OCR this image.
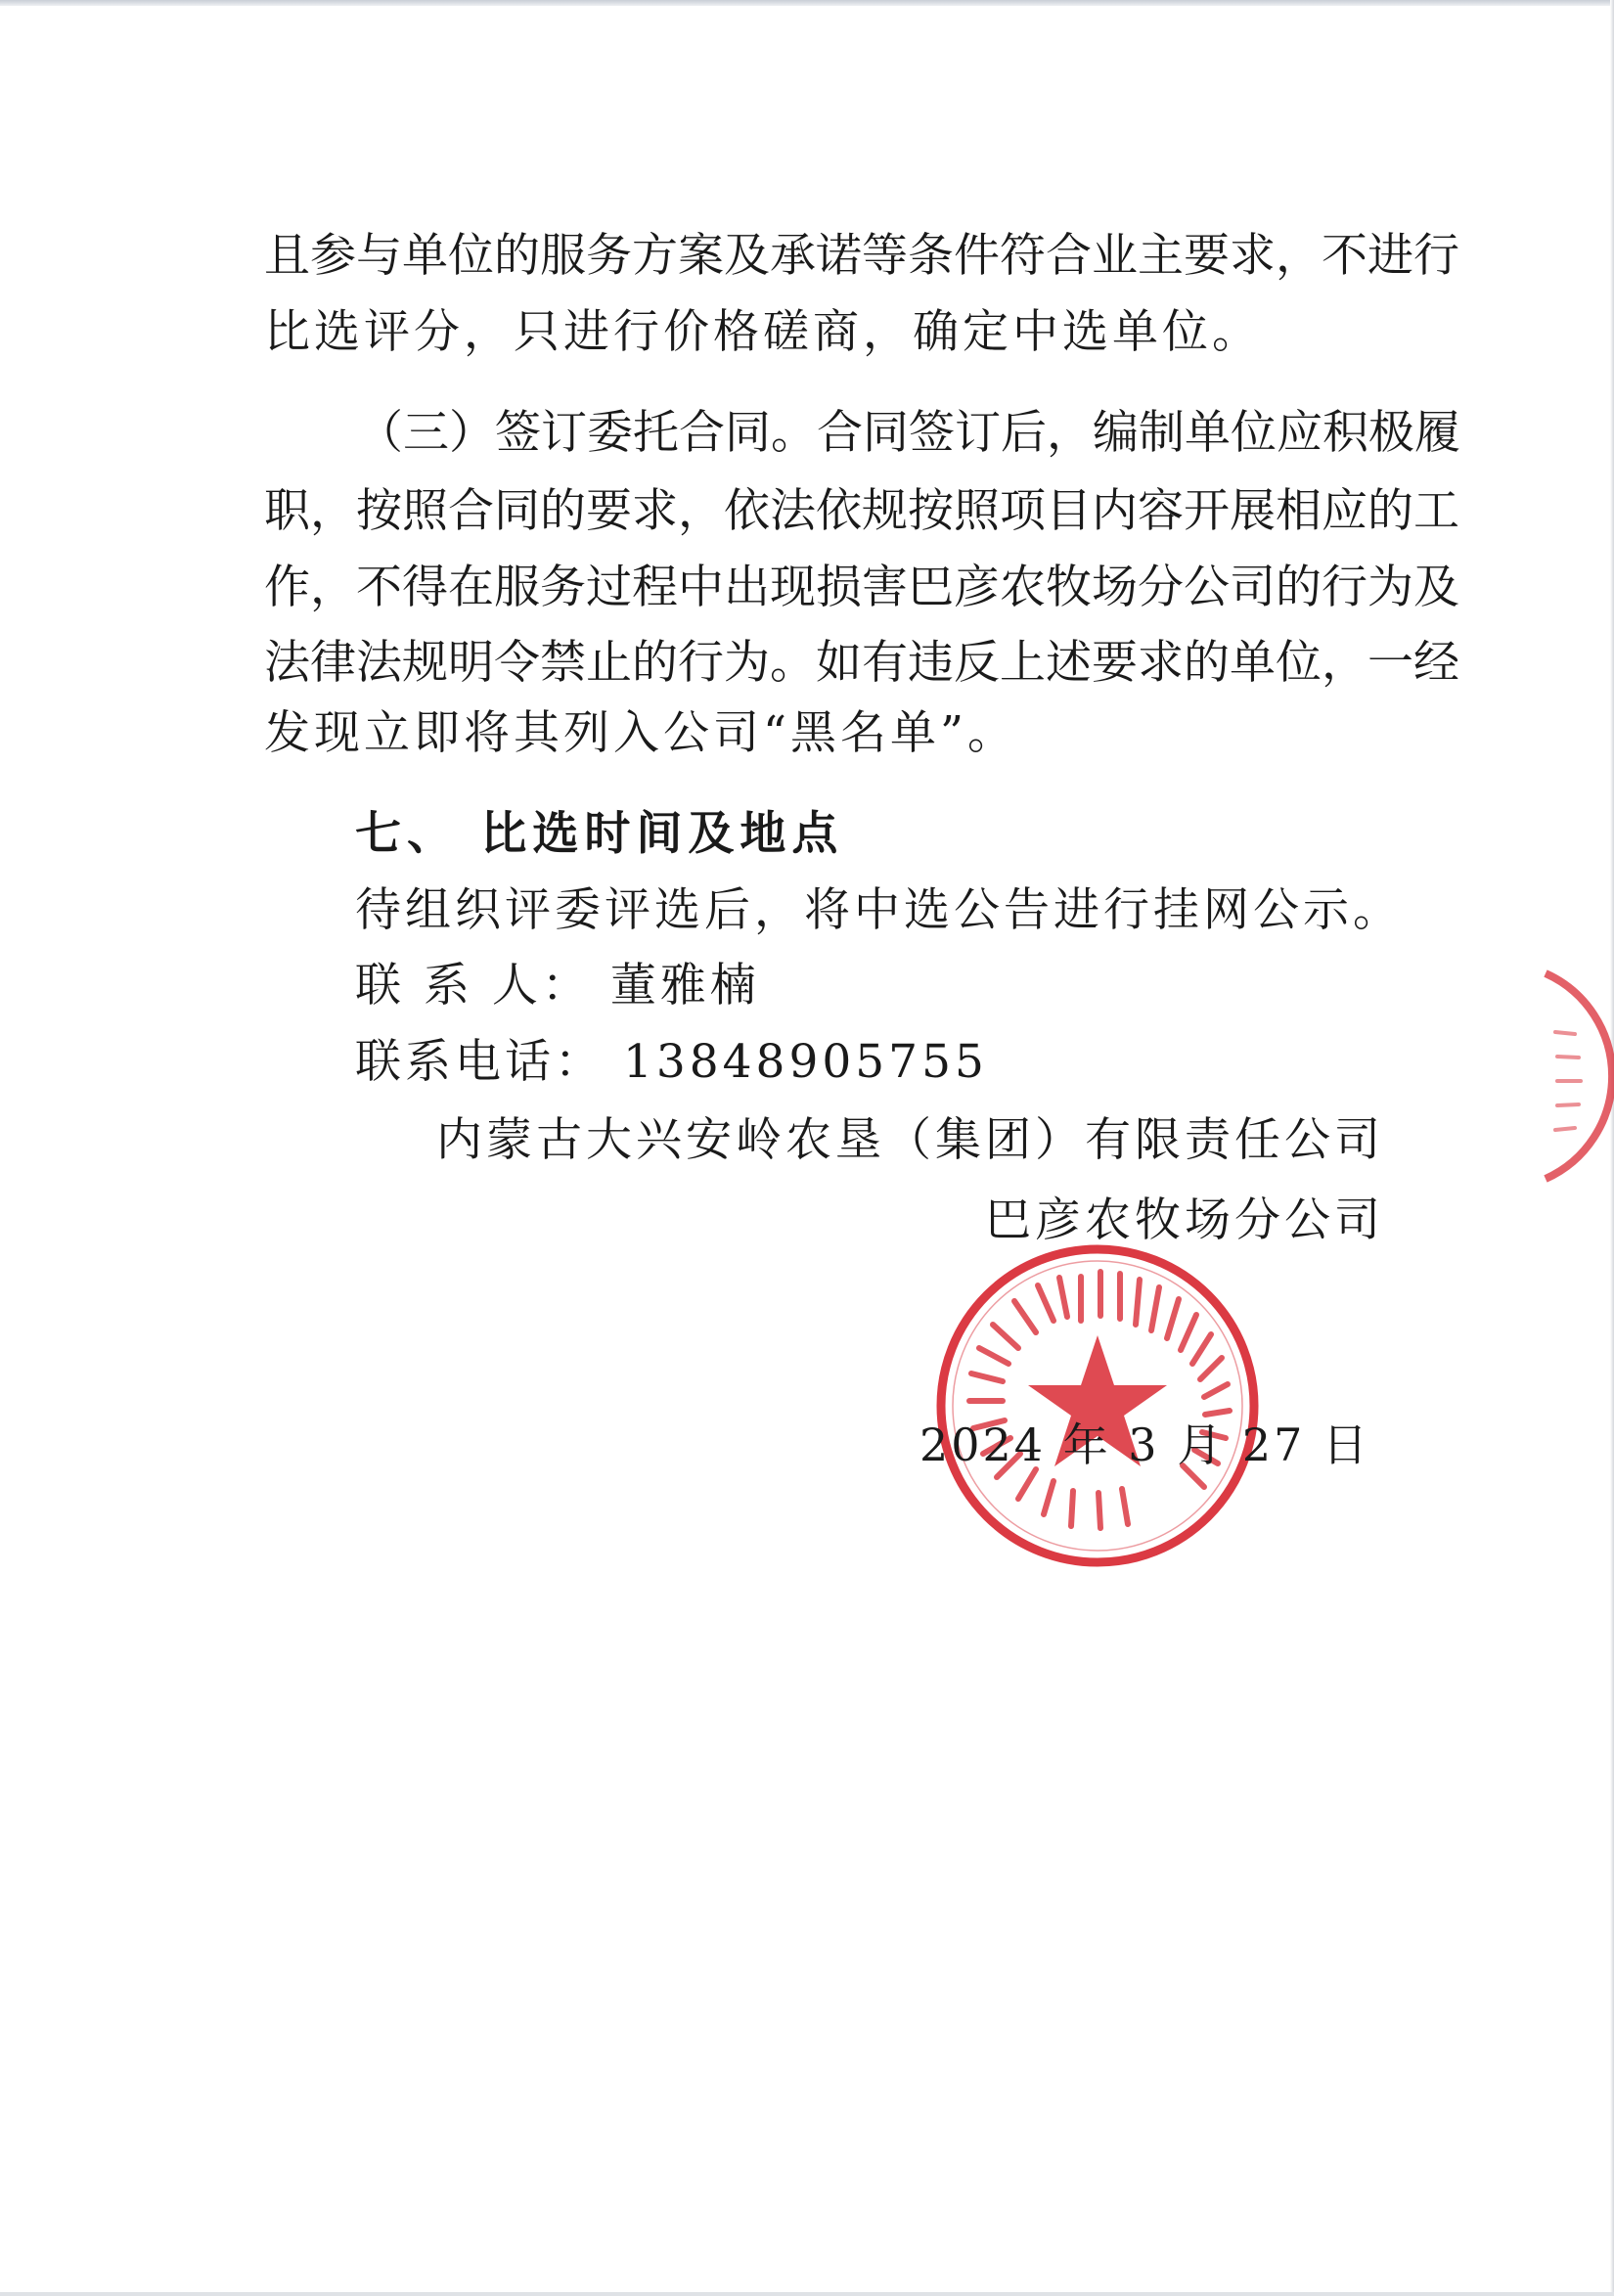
且参与单位的服务方案及承诺等条件符合业主要求，不进行
比选评分，只进行价格磋商，确定中选单位。
（三）签订委托合同。合同签订后，编制单位应积极履
职，按照合同的要求，依法依规按照项目内容开展相应的工
作，不得在服务过程中出现损害巴彦农牧场分公司的行为及
法律法规明令禁止的行为。如有违反上述要求的单位，一经
发现立即将其列入公司“黑名单”。
七、 比选时间及地点
待组织评委评选后，将中选公告进行挂网公示。
联 系 人： 董雅楠
联系电话： 13848905755
内蒙古大兴安岭农垦（集团）有限责任公司
巴彦农牧场分公司
2024 年 3 月 27 日
